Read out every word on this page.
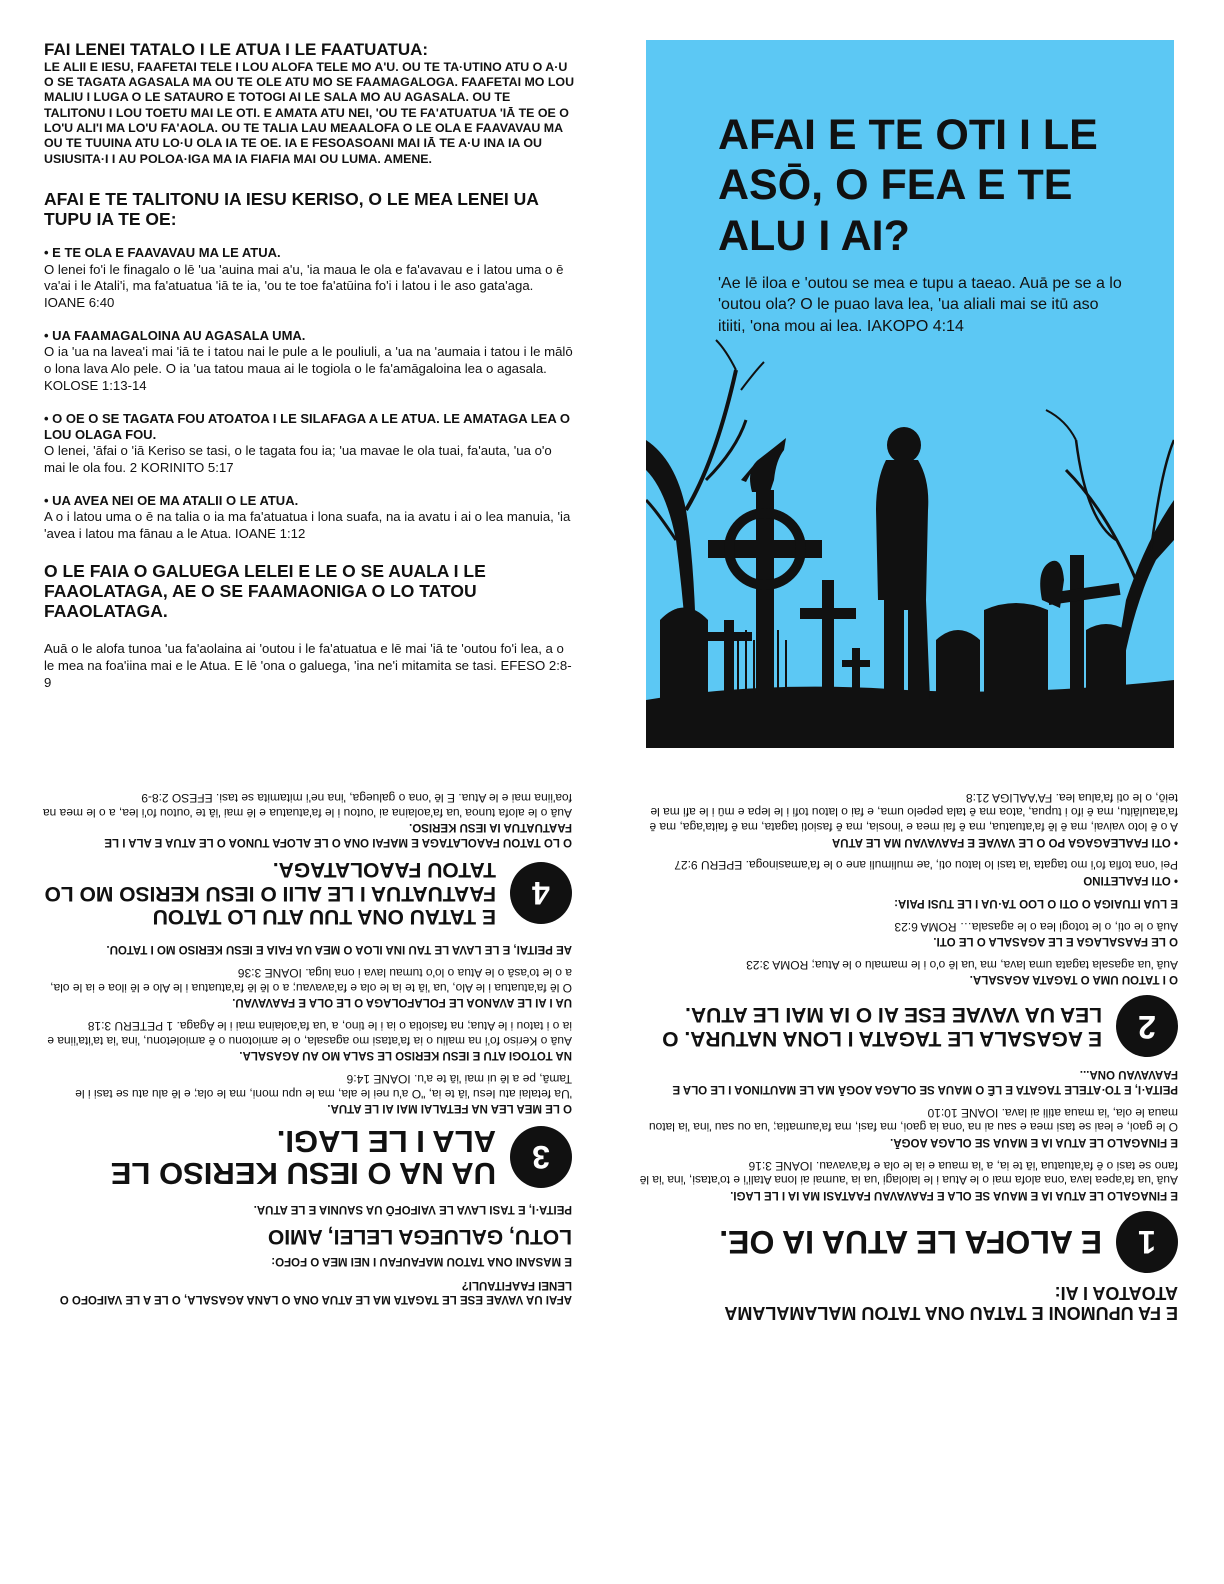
FAI LENEI TATALO I LE ATUA I LE FAATUATUA:
LE ALII E IESU, FAAFETAI TELE I LOU ALOFA TELE MO A'U. OU TE TA·UTINO ATU O A·U O SE TAGATA AGASALA MA OU TE OLE ATU MO SE FAAMAGALOGA. FAAFETAI MO LOU MALIU I LUGA O LE SATAURO E TOTOGI AI LE SALA MO AU AGASALA. OU TE TALITONU I LOU TOETU MAI LE OTI. E AMATA ATU NEI, 'OU TE FA'ATUATUA 'IĀ TE OE O LO'U ALI'I MA LO'U FA'AOLA. OU TE TALIA LAU MEAALOFA O LE OLA E FAAVAVAU MA OU TE TUUINA ATU LO·U OLA IA TE OE. IA E FESOASOANI MAI IĀ TE A·U INA IA OU USIUSITA·I I AU POLOA·IGA MA IA FIAFIA MAI OU LUMA. AMENE.
AFAI E TE TALITONU IA IESU KERISO, O LE MEA LENEI UA TUPU IA TE OE:
• E TE OLA E FAAVAVAU MA LE ATUA.
O lenei fo'i le finagalo o lē 'ua 'auina mai a'u, 'ia maua le ola e fa'avavau e i latou uma o ē va'ai i le Atali'i, ma fa'atuatua 'iā te ia, 'ou te toe fa'atūina fo'i i latou i le aso gata'aga. IOANE 6:40
• UA FAAMAGALOINA AU AGASALA UMA.
O ia 'ua na lavea'i mai 'iā te i tatou nai le pule a le pouliuli, a 'ua na 'aumaia i tatou i le mālō o lona lava Alo pele. O ia 'ua tatou maua ai le togiola o le fa'amāgaloina lea o agasala. KOLOSE 1:13-14
• O OE O SE TAGATA FOU ATOATOA I LE SILAFAGA A LE ATUA. LE AMATAGA LEA O LOU OLAGA FOU.
O lenei, 'āfai o 'iā Keriso se tasi, o le tagata fou ia; 'ua mavae le ola tuai, fa'auta, 'ua o'o mai le ola fou. 2 KORINITO 5:17
• UA AVEA NEI OE MA ATALII O LE ATUA.
A o i latou uma o ē na talia o ia ma fa'atuatua i lona suafa, na ia avatu i ai o lea manuia, 'ia 'avea i latou ma fānau a le Atua. IOANE 1:12
O LE FAIA O GALUEGA LELEI E LE O SE AUALA I LE FAAOLATAGA, AE O SE FAAMAONIGA O LO TATOU FAAOLATAGA.
Auā o le alofa tunoa 'ua fa'aolaina ai 'outou i le fa'atuatua e lē mai 'iā te 'outou fo'i lea, a o le mea na foa'iina mai e le Atua. E lē 'ona o galuega, 'ina ne'i mitamita se tasi. EFESO 2:8-9
AFAI E TE OTI I LE ASŌ, O FEA E TE ALU I AI?
'Ae lē iloa e 'outou se mea e tupu a taeao. Auā pe se a lo 'outou ola? O le puao lava lea, 'ua aliali mai se itū aso itiiti, 'ona mou ai lea. IAKOPO 4:14
AFAI UA VAVAE ESE LE TAGATA MA LE ATUA ONA O LANA AGASALA, O LE A LE VAIFOFO O LENEI FAAFITAULI?
E MASANI ONA TATOU MAFAUFAU I NEI MEA O FOFO:
LOTU, GALUEGA LELEI, AMIO
PEITA·I, E TASI LAVA LE VAIFOFŌ UA SAUNIA E LE ATUA.
3
UA NA O IESU KERISO LE ALA I LE LAGI.
O LE MEA LEA NA FETALAI MAI AI LE ATUA.
'Ua fetalai atu Iesu 'iā te ia, "O a'u nei le ala, ma le upu moni, ma le ola; e lē alu atu se tasi i le Tamā, pe a lē ui mai 'iā te a'u. IOANE 14:6
NA TOTOGI ATU E IESU KERISO LE SALA MO AU AGASALA.
Auā o Keriso fo'i na maliu o ia fa'atasi mo agasala, o le amiotonu o ē amioletonu, 'ina 'ia ta'ita'iina e ia o i tatou i le Atua; na fasiotia o ia i le tino, a 'ua fa'aolaina mai i le Agaga. 1 PETERU 3:18
UA I AI LE AVANOA LE FOLAFOLAGA O LE OLA E FAAVAVAU.
O lē fa'atuatua i le Alo, 'ua 'iā te ia le ola e fa'avavau; a o lē lē fa'atuatua i le Alo e lē iloa e ia le ola, a o le to'asā o le Atua o lo'o tumau lava i ona luga. IOANE 3:36
AE PEITAI, E LE LAVA LE TAU INA ILOA O MEA UA FAIA E IESU KERISO MO I TATOU.
4
E TATAU ONA TUU ATU LO TATOU FAATUATUA I LE ALII O IESU KERISO MO LO TATOU FAAOLATAGA.
O LO TATOU FAAOLATAGA E MAFAI ONA O LE ALOFA TUNOA O LE ATUA E ALA I LE FAATUATUA IA IESU KERISO.
Auā o le alofa tunoa 'ua fa'aolaina ai 'outou i le fa'atuatua e lē mai 'iā te 'outou fo'i lea, a o le mea na foa'iina mai e le Atua. E lē 'ona o galuega, 'ina ne'i mitamita se tasi. EFESO 2:8-9
E FA UPUMONI E TATAU ONA TATOU MALAMALAMA ATOATOA I AI:
1
E ALOFA LE ATUA IA OE.
E FINAGALO LE ATUA IA E MAUA SE OLA E FAAVAVAU FAATASI MA IA I LE LAGI.
Auā 'ua fa'apea lava 'ona alofa mai o le Atua i le lalolagi 'ua ia 'aumai ai lona Atali'i e to'atasi, 'ina 'ia lē fano se tasi o ē fa'atuatua 'iā te ia, a 'ia maua e ia le ola e fa'avavau. IOANE 3:16
E FINAGALO LE ATUA IA E MAUA SE OLAGA AOGĀ.
O le gaoi, e leai se tasi mea e sau ai na 'ona ia gaoi, ma fasi, ma fa'aumatia; 'ua ou sau 'ina 'ia latou maua le ola, 'ia maua atili ai lava. IOANE 10:10
PEITA·I, E TO·ATELE TAGATA E LĒ O MAUA SE OLAGA AOGĀ MA LE MAUTINOA I LE OLA E FAAVAVAU ONA...
2
E AGASALA LE TAGATA I LONA NATURA. O LEA UA VAVAE ESE AI O IA MAI LE ATUA.
O I TATOU UMA O TAGATA AGASALA.
Auā 'ua agasala tagata uma lava, ma 'ua lē o'o i le mamalu o le Atua; ROMA 3:23
O LE FAASALAGA E LE AGASALA O LE OTI.
Auā o le oti, o le totogi lea o le agasala… ROMA 6:23
E LUA ITUAIGA O OTI O LOO TA·UA I LE TUSI PAIA:
• OTI FAALETINO
Pei 'ona tofia fo'i mo tagata 'ia tasi lo latou oti, 'ae mulimuli ane o le fa'amasinoga. EPERU 9:27
• OTI FAALEAGAGA PO O LE VAVAE E FAAVAVAU MA LE ATUA
A o ē loto vaivai, ma ē lē fa'atuatua, ma ē fai mea e 'inosia, ma ē fasioti tagata, ma ē faita'aga, ma ē fa'ataulāitu, ma ē ifo i tupua, 'atoa ma ē tala pepelo uma, e fai o latou tofi i le lepa e mū i le afi ma le teiō, o le oti fa'alua lea. FA'AALIGA 21:8
